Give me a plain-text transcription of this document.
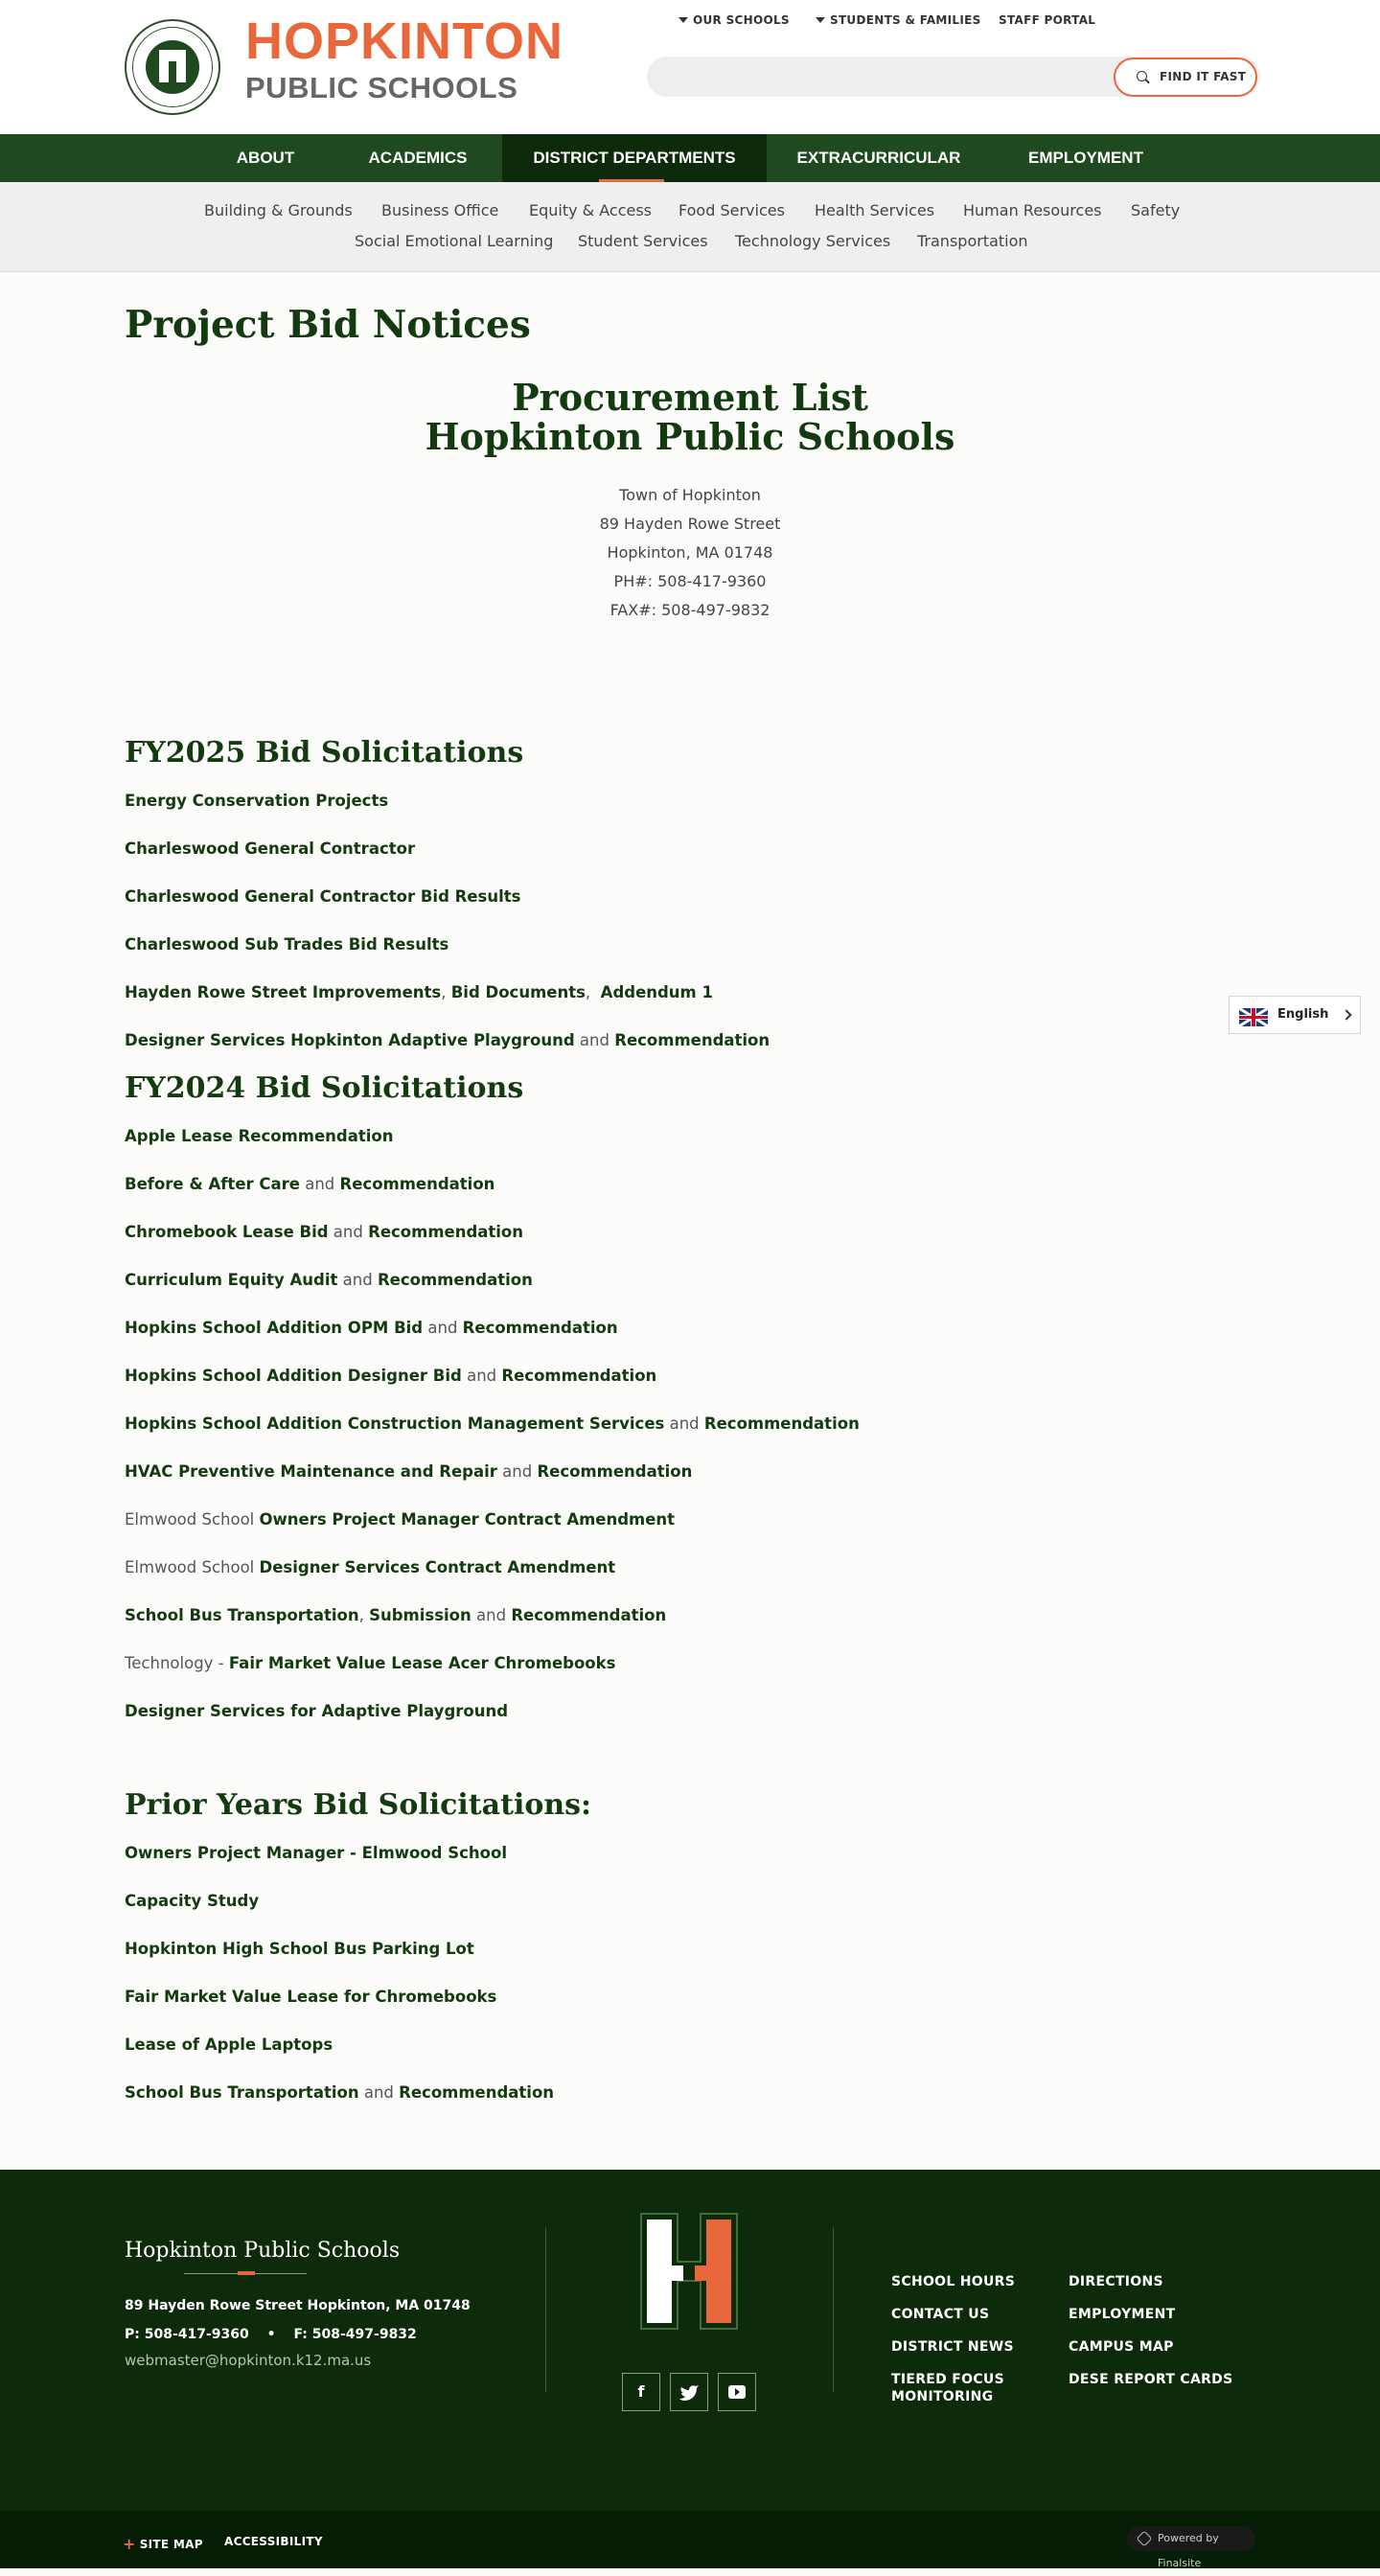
HOPKINTON
PUBLIC SCHOOLS
OUR SCHOOLS	STUDENTS & FAMILIES STAFF PORTAL
FIND IT FAST
ABOUT	ACADEMICS	DISTRICT DEPARTMENTS	EXTRACURRICULAR	EMPLOYMENT
Building & Grounds Business Office Equity & Access Food Services Health Services Human Resources Safety
Social Emotional Learning Student Services Technology Services Transportation
Project Bid Notices
Procurement List
Hopkinton Public Schools
Town of Hopkinton
89 Hayden Rowe Street
Hopkinton, MA 01748
PH#: 508-417-9360
FAX#: 508-497-9832
FY2025 Bid Solicitations
Energy Conservation Projects
Charleswood General Contractor
Charleswood General Contractor Bid Results
Charleswood Sub Trades Bid Results
Hayden Rowe Street Improvements, Bid Documents,  Addendum 1
Designer Services Hopkinton Adaptive Playground and Recommendation
FY2024 Bid Solicitations
Apple Lease Recommendation
Before & After Care and Recommendation
Chromebook Lease Bid and Recommendation
Curriculum Equity Audit and Recommendation
Hopkins School Addition OPM Bid and Recommendation
Hopkins School Addition Designer Bid and Recommendation
Hopkins School Addition Construction Management Services and Recommendation
HVAC Preventive Maintenance and Repair and Recommendation
Elmwood School Owners Project Manager Contract Amendment
Elmwood School Designer Services Contract Amendment
School Bus Transportation, Submission and Recommendation
Technology - Fair Market Value Lease Acer Chromebooks
Designer Services for Adaptive Playground
Prior Years Bid Solicitations:
Owners Project Manager - Elmwood School
Capacity Study
Hopkinton High School Bus Parking Lot
Fair Market Value Lease for Chromebooks
Lease of Apple Laptops
School Bus Transportation and Recommendation
English
Hopkinton Public Schools
89 Hayden Rowe Street Hopkinton, MA 01748
P: 508-417-9360 • F: 508-497-9832
webmaster@hopkinton.k12.ma.us
f
SCHOOL HOURS
CONTACT US
DISTRICT NEWS
TIERED FOCUS MONITORING
DIRECTIONS
EMPLOYMENT
CAMPUS MAP
DESE REPORT CARDS
+ SITE MAP ACCESSIBILITY	Powered by Finalsite
